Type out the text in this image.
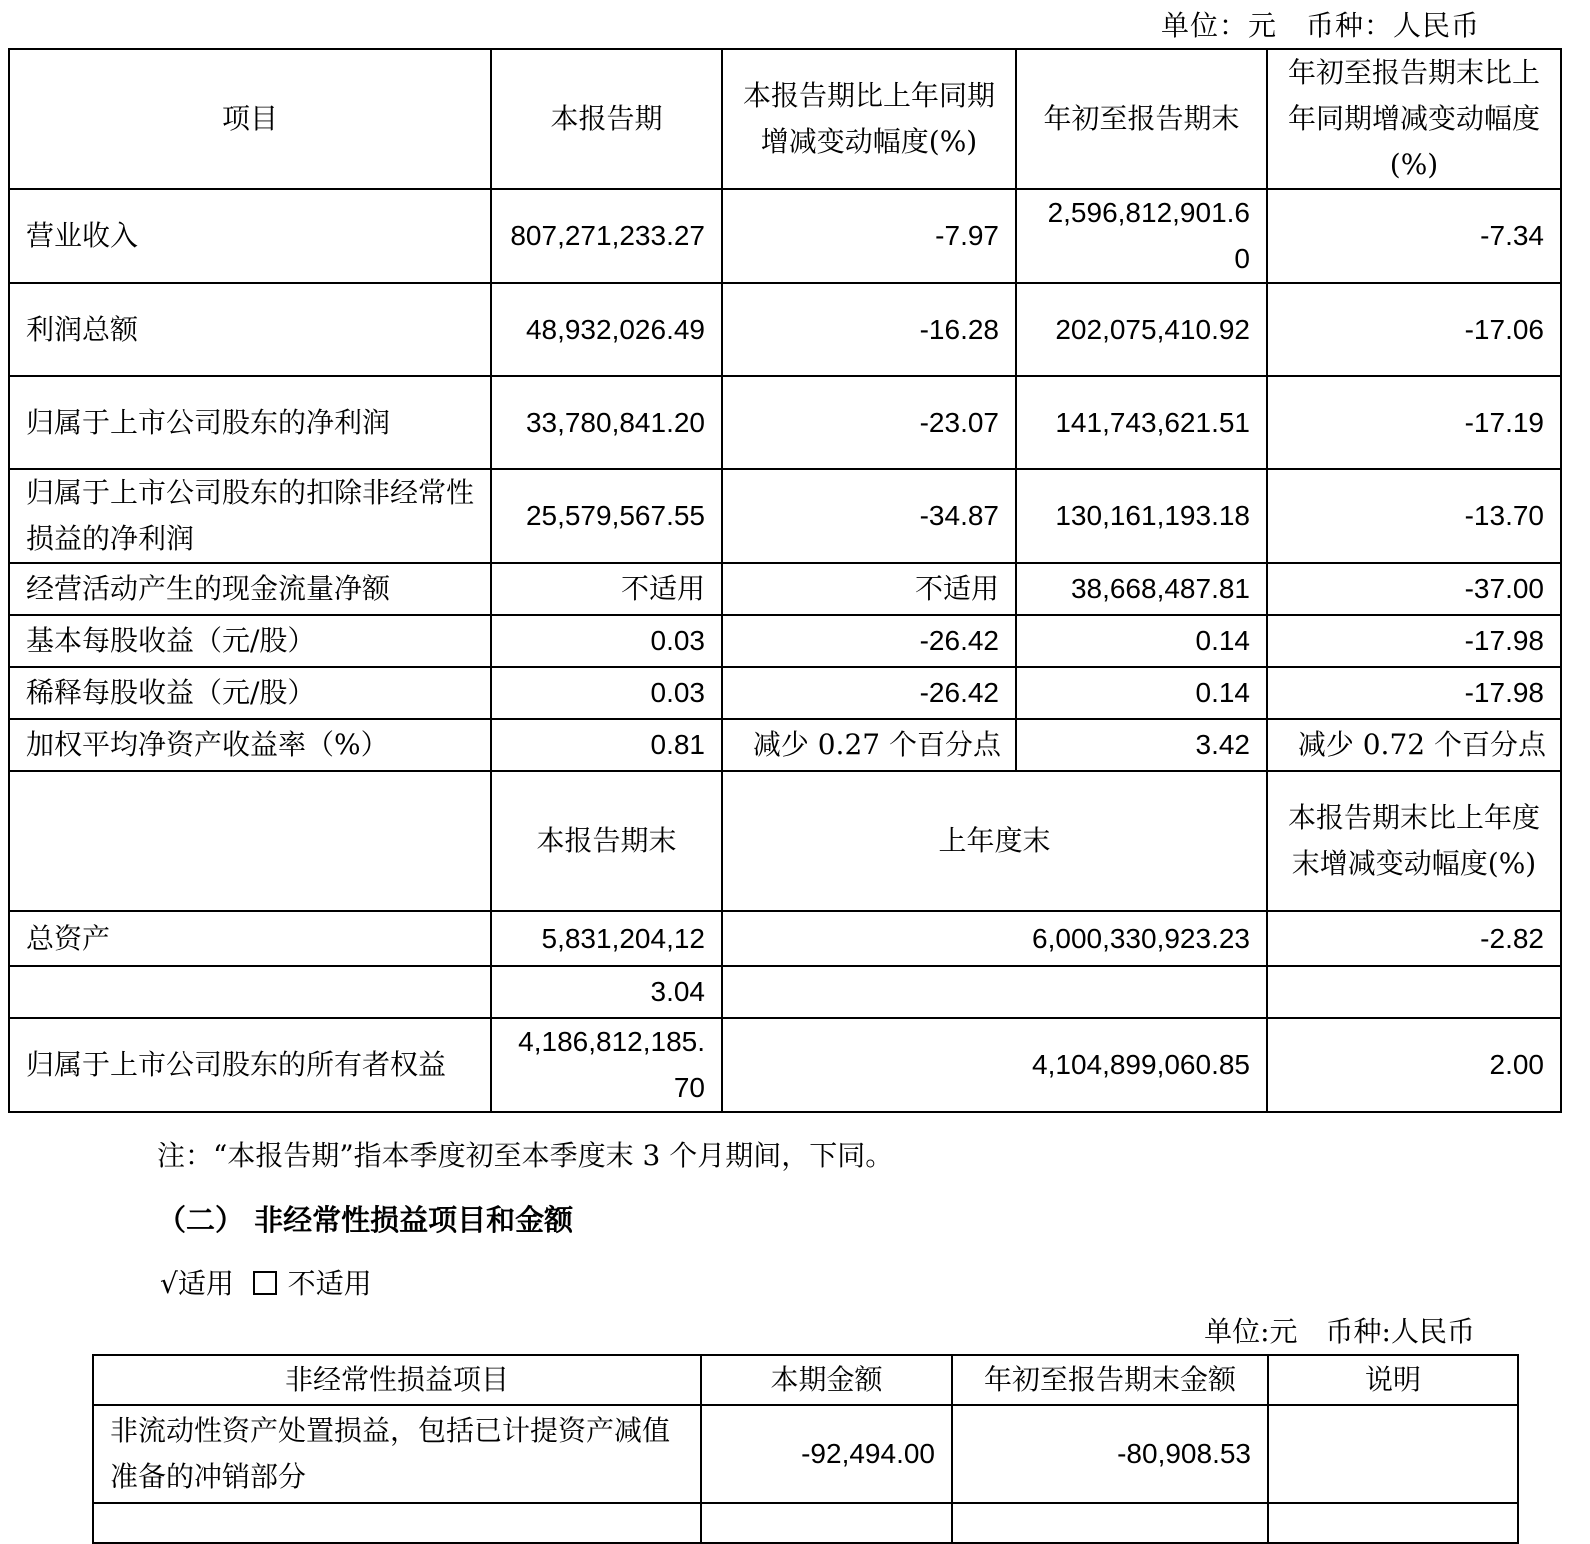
单位：元　币种：人民币
项目	本报告期	本报告期比上年同期增减变动幅度(%)	年初至报告期末	年初至报告期末比上年同期增减变动幅度(%)
营业收入	807,271,233.27	-7.97	2,596,812,901.60	-7.34
利润总额	48,932,026.49	-16.28	202,075,410.92	-17.06
归属于上市公司股东的净利润	33,780,841.20	-23.07	141,743,621.51	-17.19
归属于上市公司股东的扣除非经常性损益的净利润	25,579,567.55	-34.87	130,161,193.18	-13.70
经营活动产生的现金流量净额	不适用	不适用	38,668,487.81	-37.00
基本每股收益（元/股）	0.03	-26.42	0.14	-17.98
稀释每股收益（元/股）	0.03	-26.42	0.14	-17.98
加权平均净资产收益率（%）	0.81	减少 0.27 个百分点	3.42	减少 0.72 个百分点
	本报告期末	上年度末		本报告期末比上年度末增减变动幅度(%)
总资产	5,831,204,12	6,000,330,923.23		-2.82
	3.04			
归属于上市公司股东的所有者权益	4,186,812,185.70	4,104,899,060.85		2.00
注：“本报告期”指本季度初至本季度末 3 个月期间，下同。
（二） 非经常性损益项目和金额
√适用 不适用
单位:元　币种:人民币
非经常性损益项目	本期金额	年初至报告期末金额	说明
非流动性资产处置损益，包括已计提资产减值准备的冲销部分	-92,494.00	-80,908.53	
